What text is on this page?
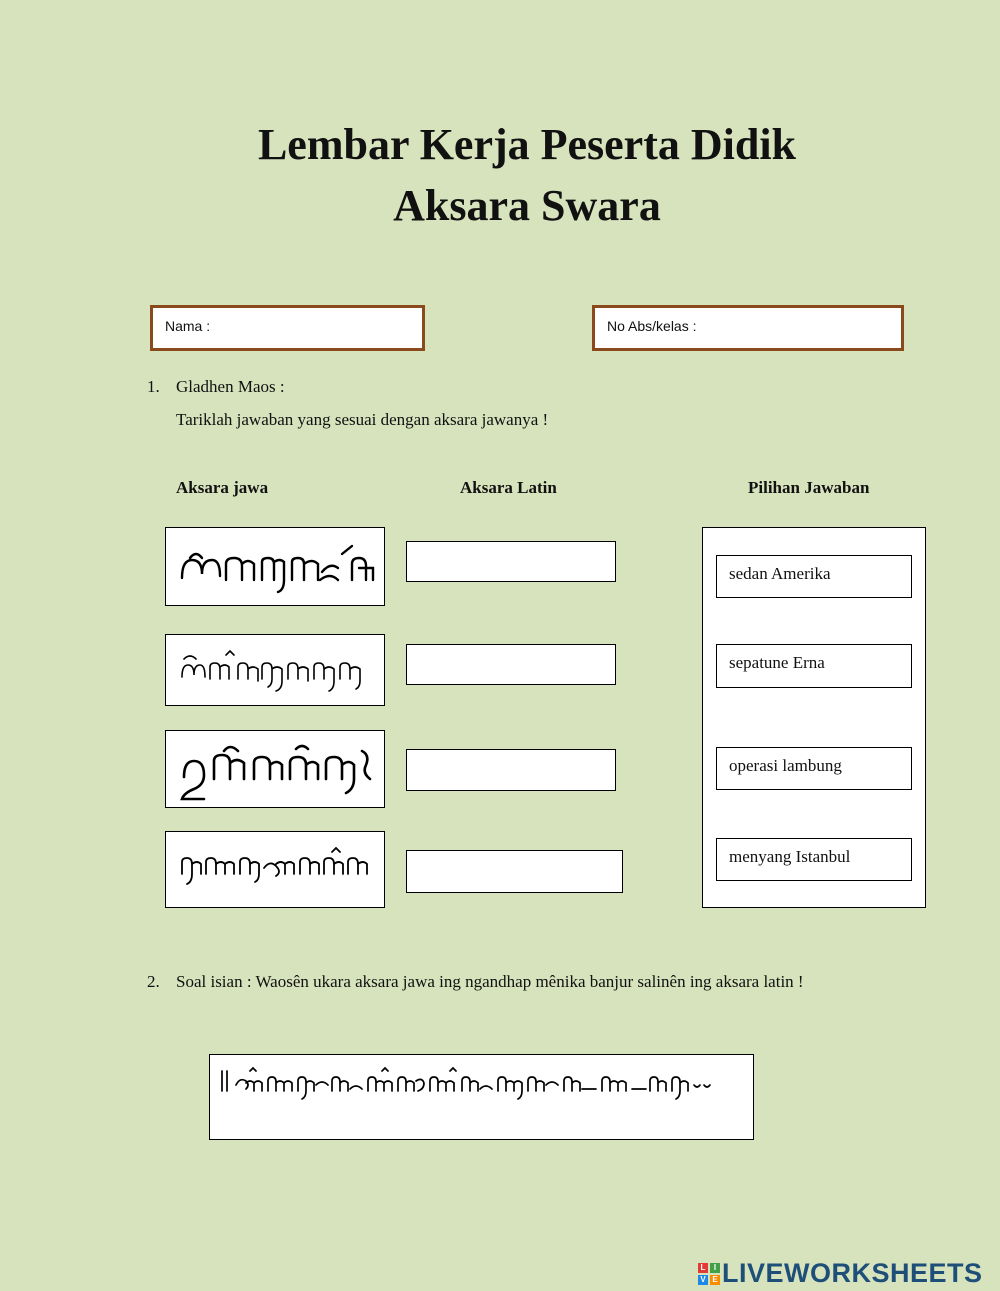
Lembar Kerja Peserta Didik
Aksara Swara
Nama :	No Abs/kelas :
1. Gladhen Maos :
Tariklah jawaban yang sesuai dengan aksara jawanya !
Aksara jawa	Aksara Latin	Pilihan Jawaban
sedan Amerika
sepatune Erna
operasi lambung
menyang Istanbul
2. Soal isian : Waosên ukara aksara jawa ing ngandhap mênika banjur salinên ing aksara latin !
L	I
V E LIVEWORKSHEETS
